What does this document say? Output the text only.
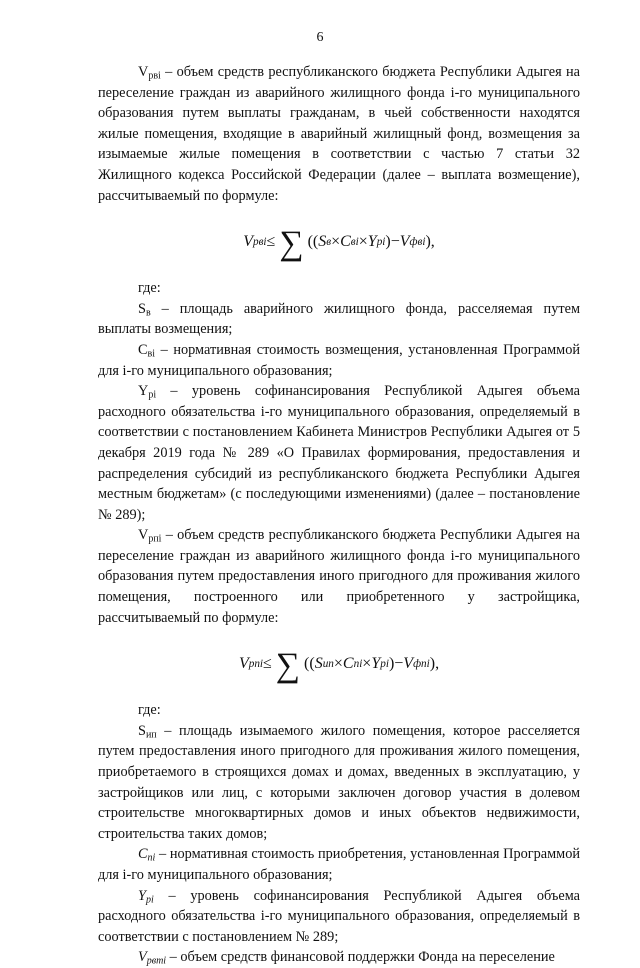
6

$V_{pвi}$ – объем средств республиканского бюджета Республики Адыгея на переселение граждан из аварийного жилищного фонда i-го муниципального образования путем выплаты гражданам, в чьей собственности находятся жилые помещения, входящие в аварийный жилищный фонд, возмещения за изымаемые жилые помещения в соответствии с частью 7 статьи 32 Жилищного кодекса Российской Федерации (далее – выплата возмещение), рассчитываемый по формуле:

V pвi ≤ ∑ (( S в × C вi × Y pi ) − V фвi ),

где:

$S_в$ – площадь аварийного жилищного фонда, расселяемая путем выплаты возмещения;

$C_{вi}$ – нормативная стоимость возмещения, установленная Программой для i-го муниципального образования;

$Y_{pi}$ – уровень софинансирования Республикой Адыгея объема расходного обязательства i-го муниципального образования, определяемый в соответствии с постановлением Кабинета Министров Республики Адыгея от 5 декабря 2019 года № 289 «О Правилах формирования, предоставления и распределения субсидий из республиканского бюджета Республики Адыгея местным бюджетам» (с последующими изменениями) (далее – постановление № 289);

$V_{pпi}$ – объем средств республиканского бюджета Республики Адыгея на переселение граждан из аварийного жилищного фонда i-го муниципального образования путем предоставления иного пригодного для проживания жилого помещения, построенного или приобретенного у застройщика, рассчитываемый по формуле:

V pпi ≤ ∑ (( S ип × C пi × Y pi ) − V фпi ),

где:

$S_{ип}$ – площадь изымаемого жилого помещения, которое расселяется путем предоставления иного пригодного для проживания жилого помещения, приобретаемого в строящихся домах и домах, введенных в эксплуатацию, у застройщиков или лиц, с которыми заключен договор участия в долевом строительстве многоквартирных домов и иных объектов недвижимости, строительства таких домов;

$C_{пi}$ – нормативная стоимость приобретения, установленная Программой для i-го муниципального образования;

$Y_{pi}$ – уровень софинансирования Республикой Адыгея объема расходного обязательства i-го муниципального образования, определяемый в соответствии с постановлением № 289;

$V_{pвmi}$ – объем средств финансовой поддержки Фонда на переселение
